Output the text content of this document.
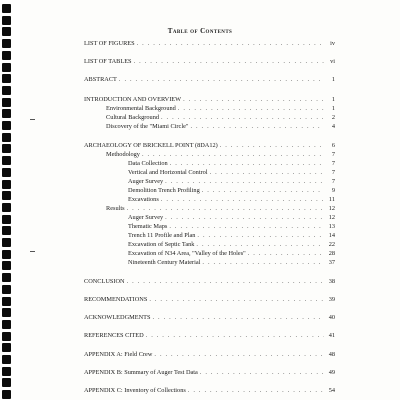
Table of Contents
LIST OF FIGURES . . .	iv
LIST OF TABLES . . .	vi
ABSTRACT . . .	1
INTRODUCTION AND OVERVIEW . . .	1
Environmental Background . . .	1
Cultural Background . . .	2
Discovery of the "Miami Circle" . . .	4
ARCHAEOLOGY OF BRICKELL POINT (8DA12) . . .	6
Methodology . . .	7
Data Collection . . .	7
Vertical and Horizontal Control . . .	7
Auger Survey . . .	7
Demolition Trench Profiling . . .	9
Excavations . . .	11
Results . . .	12
Auger Survey . . .	12
Thematic Maps . . .	13
Trench 11 Profile and Plan . . .	14
Excavation of Septic Tank . . .	22
Excavation of N34 Area, "Valley of the Holes" . . .	28
Nineteenth Century Material . . .	37
CONCLUSION . . .	38
RECOMMENDATIONS . . .	39
ACKNOWLEDGMENTS . . .	40
REFERENCES CITED . . .	41
APPENDIX A: Field Crew . . .	48
APPENDIX B: Summary of Auger Test Data . . .	49
APPENDIX C: Inventory of Collections . . .	54
